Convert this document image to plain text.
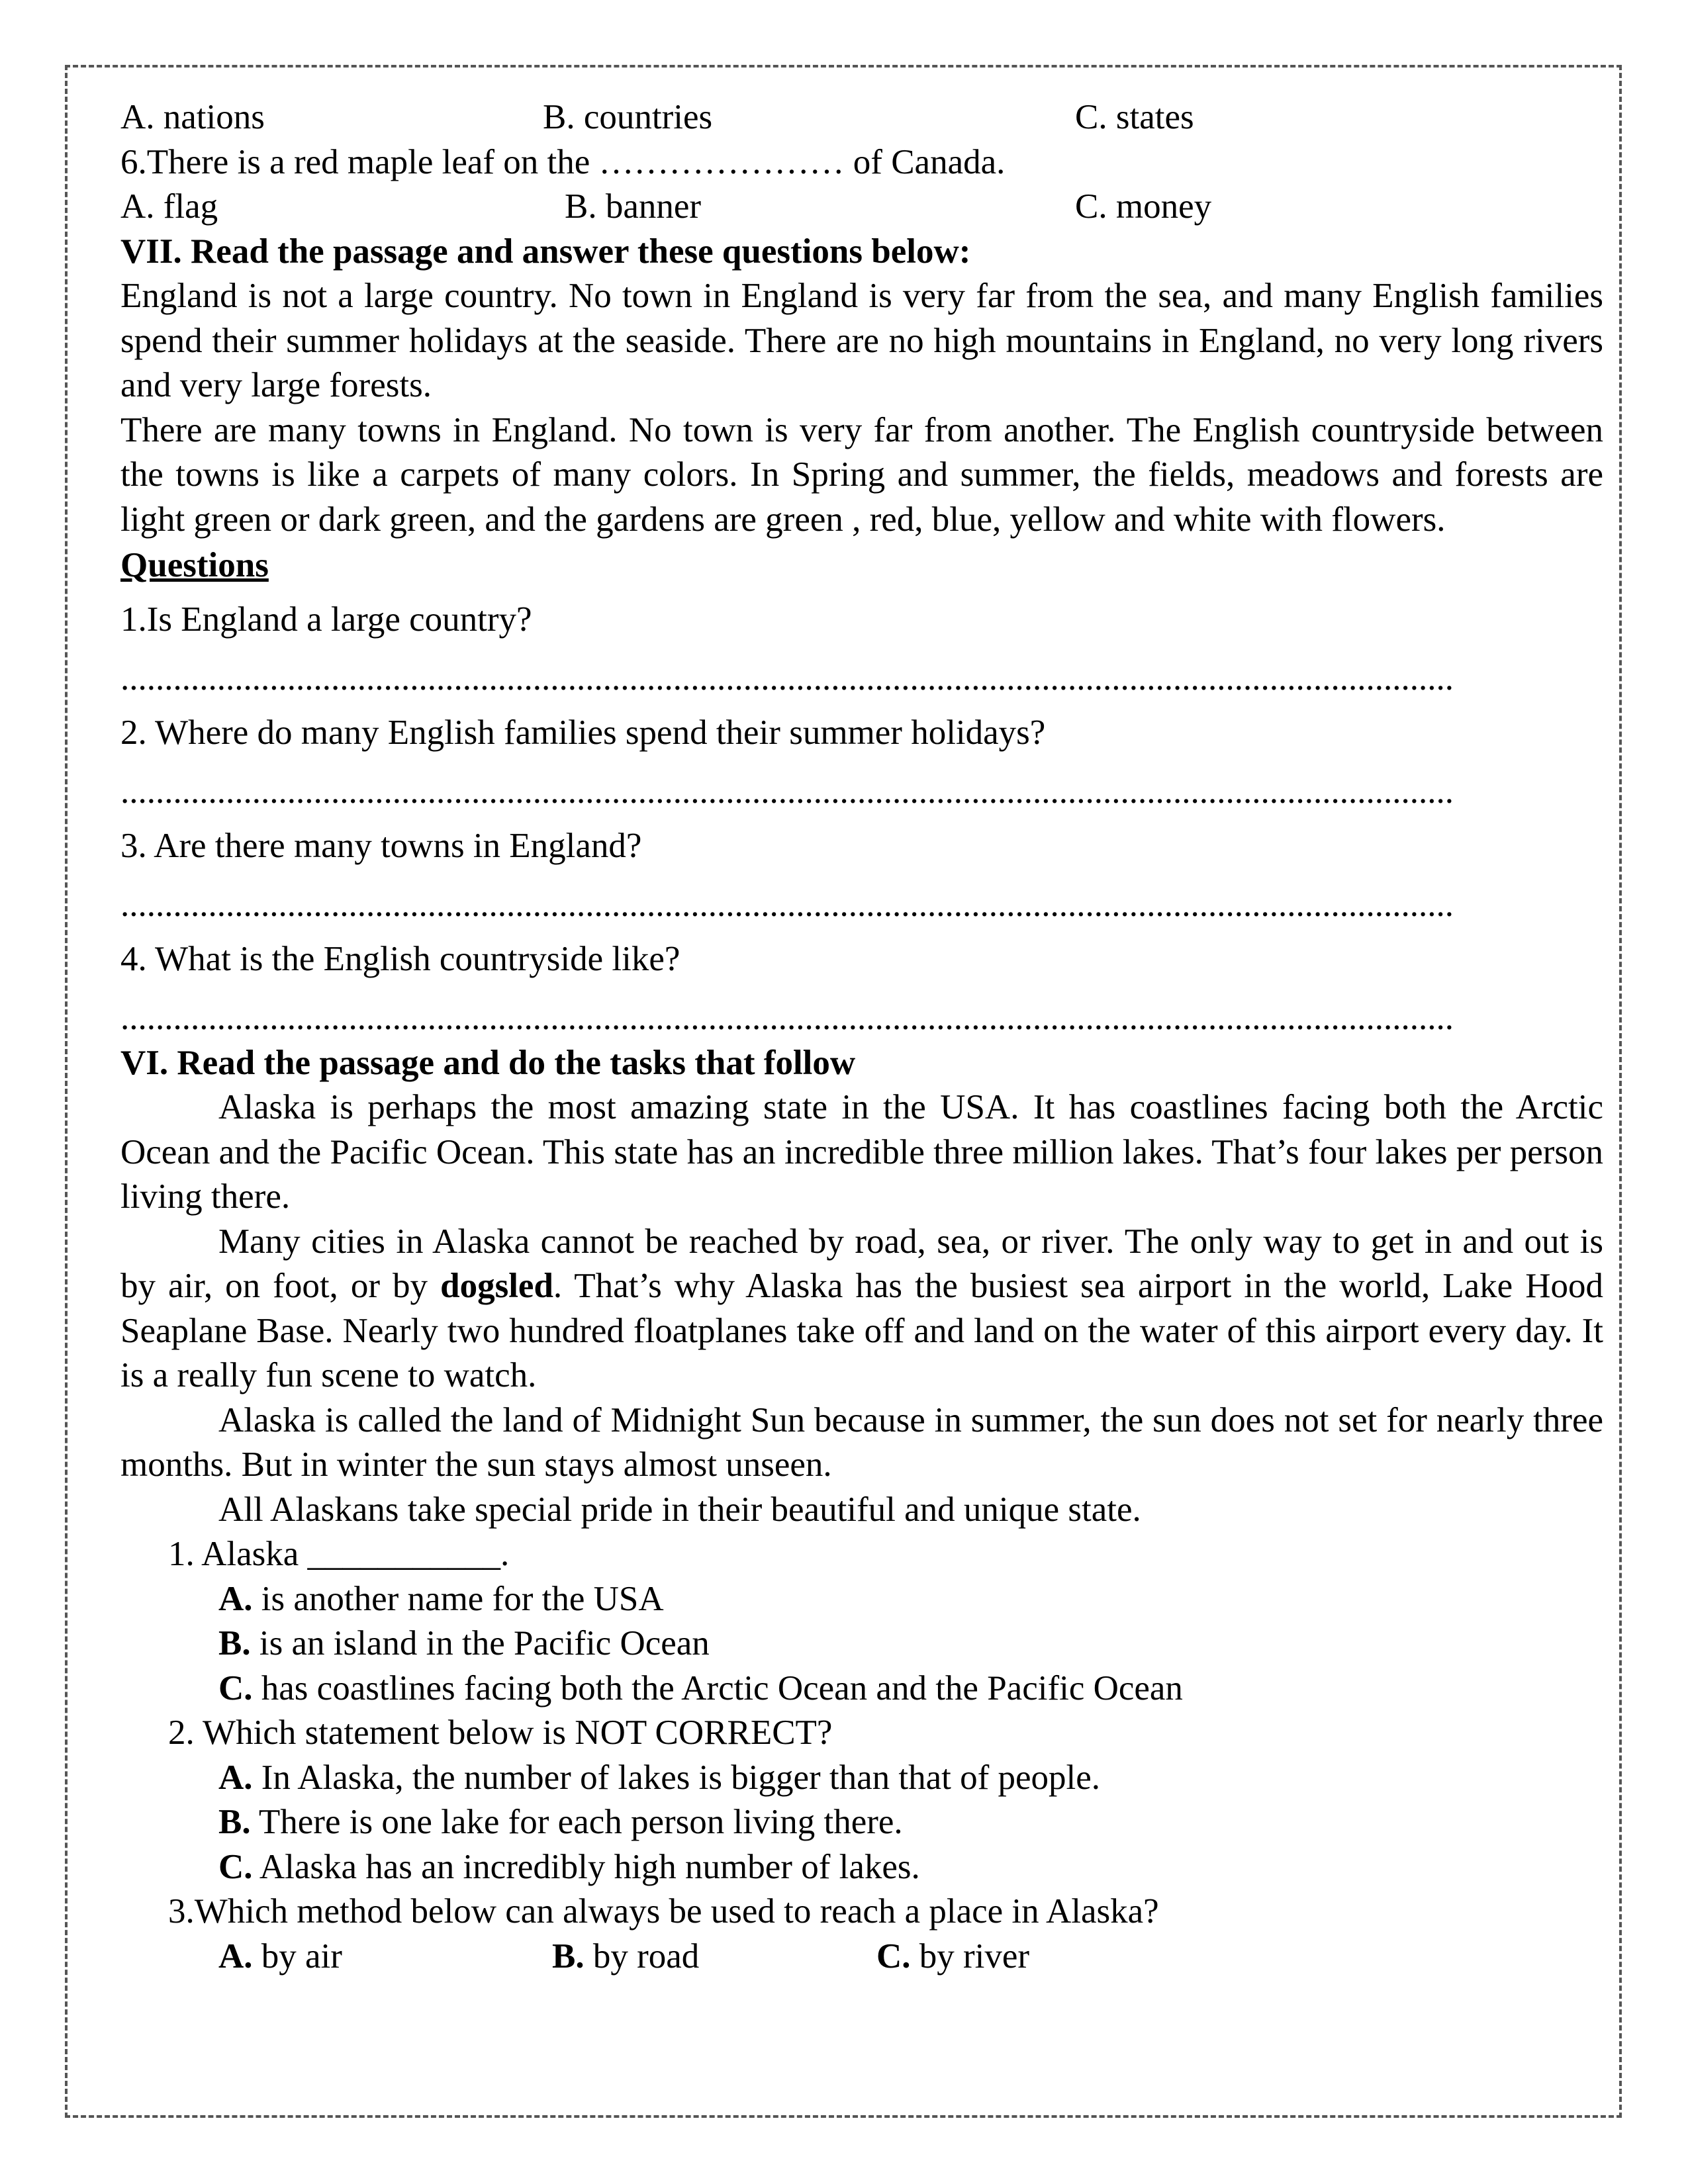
A. nations	B. countries	C. states
6.There is a red maple leaf on the ………………… of Canada.
A. flag	B. banner	C. money
VII. Read the passage and answer these questions below:
England is not a large country. No town in England is very far from the sea, and many English families spend their summer holidays at the seaside. There are no high mountains in England, no very long rivers and very large forests.
There are many towns in England. No town is very far from another. The English countryside between the towns is like a carpets of many colors. In Spring and summer, the fields, meadows and forests are light green or dark green, and the gardens are green , red, blue, yellow and white with flowers.
Questions
1.Is England a large country?
........................................................................................................................................................
2. Where do many English families spend their summer holidays?
........................................................................................................................................................
3. Are there many towns in England?
........................................................................................................................................................
4. What is the English countryside like?
........................................................................................................................................................
VI. Read the passage and do the tasks that follow
Alaska is perhaps the most amazing state in the USA. It has coastlines facing both the Arctic Ocean and the Pacific Ocean. This state has an incredible three million lakes. That’s four lakes per person living there.
Many cities in Alaska cannot be reached by road, sea, or river. The only way to get in and out is by air, on foot, or by dogsled. That’s why Alaska has the busiest sea airport in the world, Lake Hood Seaplane Base. Nearly two hundred floatplanes take off and land on the water of this airport every day. It is a really fun scene to watch.
Alaska is called the land of Midnight Sun because in summer, the sun does not set for nearly three months. But in winter the sun stays almost unseen.
All Alaskans take special pride in their beautiful and unique state.
1. Alaska ___________.
A. is another name for the USA
B. is an island in the Pacific Ocean
C. has coastlines facing both the Arctic Ocean and the Pacific Ocean
2. Which statement below is NOT CORRECT?
A. In Alaska, the number of lakes is bigger than that of people.
B. There is one lake for each person living there.
C. Alaska has an incredibly high number of lakes.
3.Which method below can always be used to reach a place in Alaska?
A. by air	B. by road	C. by river
